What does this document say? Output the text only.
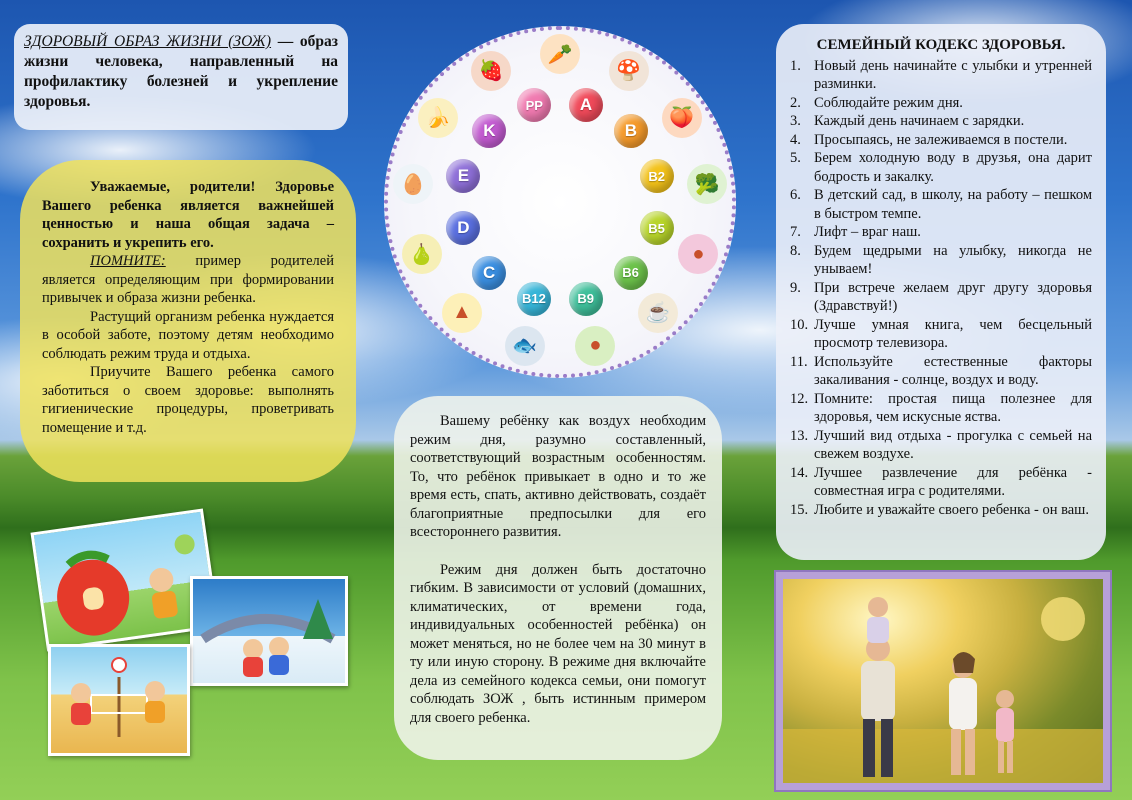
ЗДОРОВЫЙ ОБРАЗ ЖИЗНИ (ЗОЖ) — образ жизни человека, направленный на профилактику болезней и укрепление здоровья.

Уважаемые, родители! Здоровье Вашего ребенка является важнейшей ценностью и наша общая задача – сохранить и укрепить его.

ПОМНИТЕ: пример родителей является определяющим при формировании привычек и образа жизни ребенка.

Растущий организм ребенка нуждается в особой заботе, поэтому детям необходимо соблюдать режим труда и отдыха.

Приучите Вашего ребенка самого заботиться о своем здоровье: выполнять гигиенические процедуры, проветривать помещение и т.д.

PP	A
B
B2
B5
B6
B9
B12
C
D
E
K
🥕
🍄
🍑
🥦
●
☕
●
🐟
▲
🍐
🥚
🍌
🍓

Вашему ребёнку как воздух необходим режим дня, разумно составленный, соответствующий возрастным особенностям. То, что ребёнок привыкает в одно и то же время есть, спать, активно действовать, создаёт благоприятные предпосылки для его всестороннего развития.

Режим дня должен быть достаточно гибким. В зависимости от условий (домашних, климатических, от времени года, индивидуальных особенностей ребёнка) он может меняться, но не более чем на 30 минут в ту или иную сторону. В режиме дня включайте дела из семейного кодекса семьи, они помогут соблюдать ЗОЖ , быть истинным примером для своего ребенка.

СЕМЕЙНЫЙ КОДЕКС ЗДОРОВЬЯ.
1. Новый день начинайте с улыбки и утренней разминки.
2. Соблюдайте режим дня.
3. Каждый день начинаем с зарядки.
4. Просыпаясь, не залеживаемся в постели.
5. Берем холодную воду в друзья, она дарит бодрость и закалку.
6. В детский сад, в школу, на работу – пешком в быстром темпе.
7. Лифт – враг наш.
8. Будем щедрыми на улыбку, никогда не унываем!
9. При встрече желаем друг другу здоровья (Здравствуй!)
10. Лучше умная книга, чем бесцельный просмотр телевизора.
11. Используйте естественные факторы закаливания - солнце, воздух и воду.
12. Помните: простая пища полезнее для здоровья, чем искусные яства.
13. Лучший вид отдыха - прогулка с семьей на свежем воздухе.
14. Лучшее развлечение для ребёнка - совместная игра с родителями.
15. Любите и уважайте своего ребенка - он ваш.
